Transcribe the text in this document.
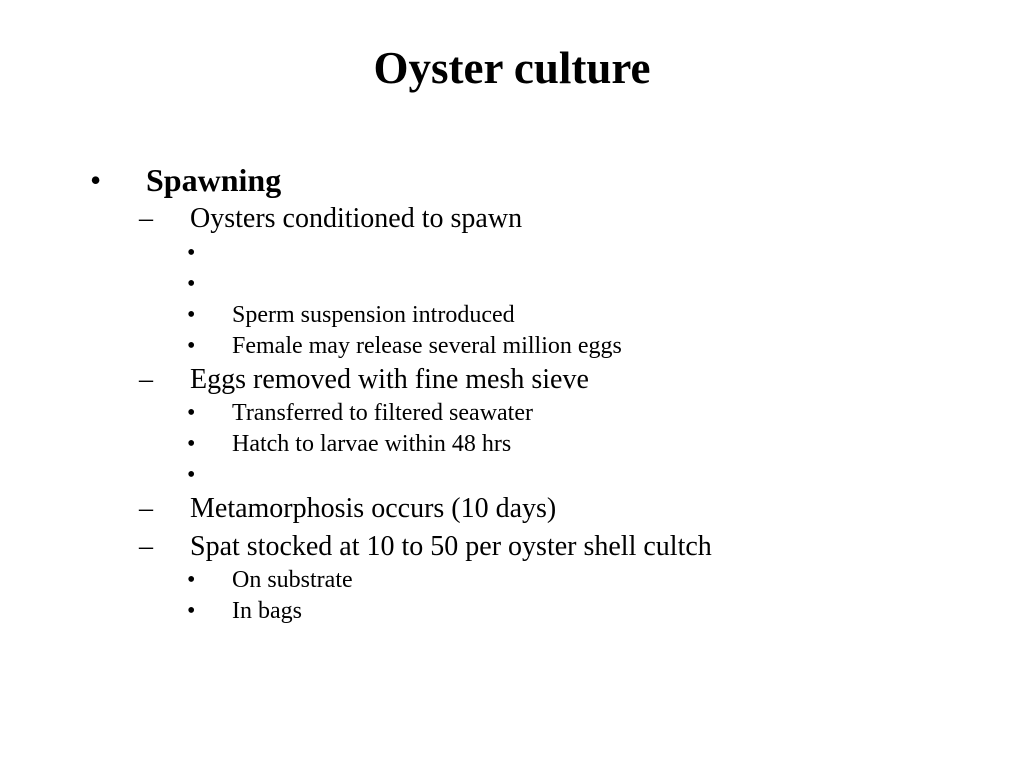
Oyster culture
• Spawning
– Oysters conditioned to spawn
•
•
• Sperm suspension introduced
• Female may release several million eggs
– Eggs removed with fine mesh sieve
• Transferred to filtered seawater
• Hatch to larvae within 48 hrs
•
– Metamorphosis occurs (10 days)
– Spat stocked at 10 to 50 per oyster shell cultch
• On substrate
• In bags
